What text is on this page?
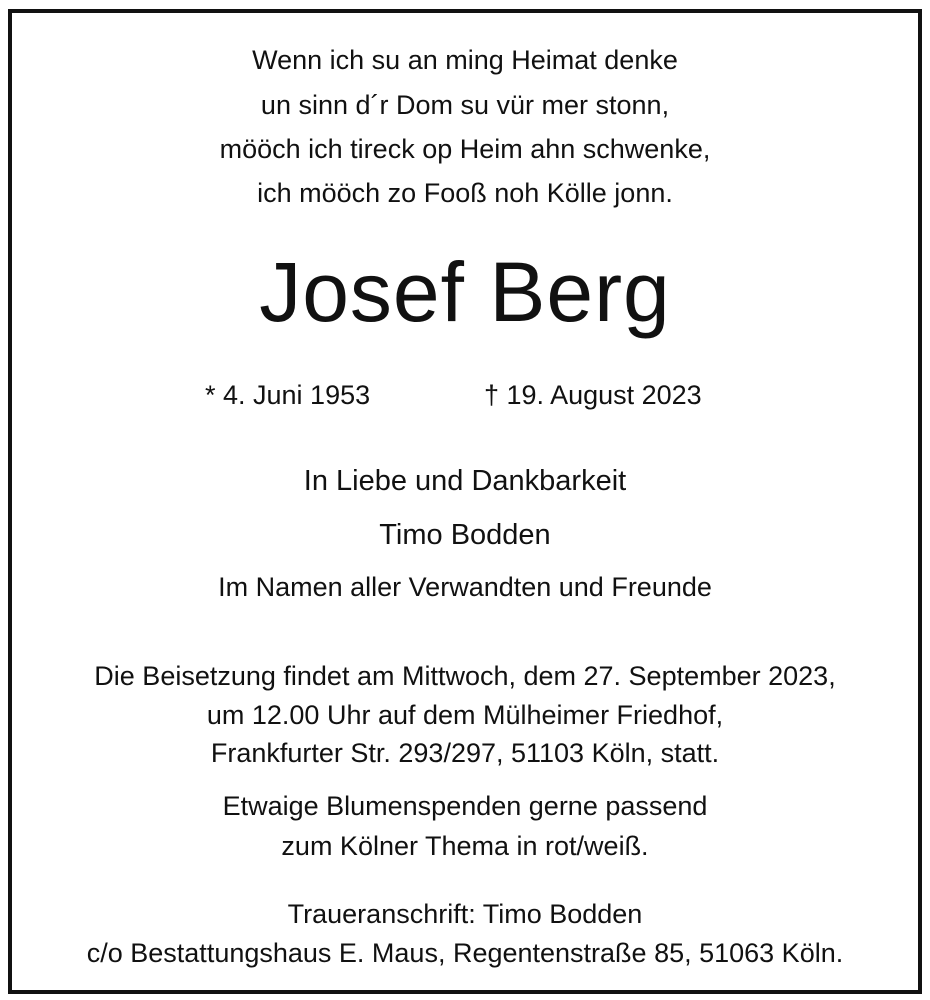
Wenn ich su an ming Heimat denke
un sinn d´r Dom su vür mer stonn,
mööch ich tireck op Heim ahn schwenke,
ich mööch zo Fooß noh Kölle jonn.
Josef Berg
* 4. Juni 1953	† 19. August 2023
In Liebe und Dankbarkeit
Timo Bodden
Im Namen aller Verwandten und Freunde
Die Beisetzung findet am Mittwoch, dem 27. September 2023,
um 12.00 Uhr auf dem Mülheimer Friedhof,
Frankfurter Str. 293/297, 51103 Köln, statt.
Etwaige Blumenspenden gerne passend
zum Kölner Thema in rot/weiß.
Traueranschrift: Timo Bodden
c/o Bestattungshaus E. Maus, Regentenstraße 85, 51063 Köln.
